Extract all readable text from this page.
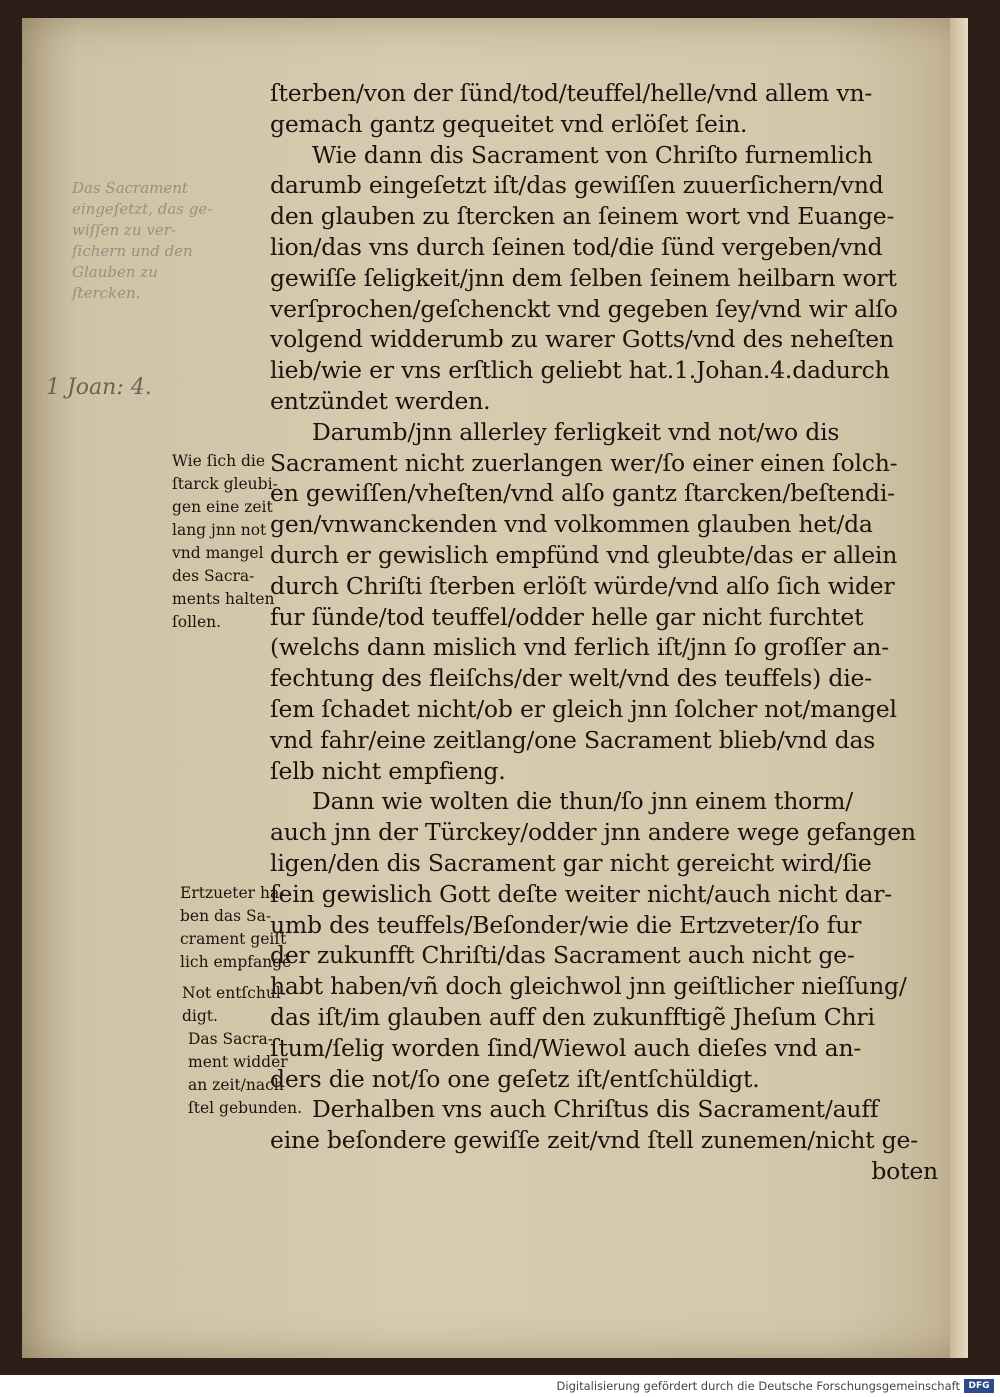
Das Sacrament
eingeſetzt, das ge-
wiſſen zu ver-
ſichern und den
Glauben zu
ſtercken.
1 Joan: 4.
Wie ſich die
ſtarck gleubi-
gen eine zeit
lang jnn not
vnd mangel
des Sacra-
ments halten
ſollen.
Ertzueter ha-
ben das Sa-
crament geiſt
lich empfangẽ
Not entſchul-
digt.
Das Sacra-
ment widder
an zeit/nach
ſtel gebunden.
ſterben/von der ſünd/tod/teuffel/helle/vnd allem vn-
gemach gantz gequeitet vnd erlöſet ſein.
Wie dann dis Sacrament von Chriſto furnemlich
darumb eingeſetzt iſt/das gewiſſen zuuerſichern/vnd
den glauben zu ſtercken an ſeinem wort vnd Euange-
lion/das vns durch ſeinen tod/die ſünd vergeben/vnd
gewiſſe ſeligkeit/jnn dem ſelben ſeinem heilbarn wort
verſprochen/geſchenckt vnd gegeben ſey/vnd wir alſo
volgend widderumb zu warer Gotts/vnd des neheſten
lieb/wie er vns erſtlich geliebt hat.1.Johan.4.dadurch
entzündet werden.
Darumb/jnn allerley ferligkeit vnd not/wo dis
Sacrament nicht zuerlangen wer/ſo einer einen ſolch-
en gewiſſen/vheſten/vnd alſo gantz ſtarcken/beſtendi-
gen/vnwanckenden vnd volkommen glauben het/da
durch er gewislich empfünd vnd gleubte/das er allein
durch Chriſti ſterben erlöſt würde/vnd alſo ſich wider
fur ſünde/tod teuffel/odder helle gar nicht furchtet
(welchs dann mislich vnd ferlich iſt/jnn ſo groſſer an-
fechtung des fleiſchs/der welt/vnd des teuffels) die-
ſem ſchadet nicht/ob er gleich jnn ſolcher not/mangel
vnd fahr/eine zeitlang/one Sacrament blieb/vnd das
ſelb nicht empfieng.
Dann wie wolten die thun/ſo jnn einem thorm/
auch jnn der Türckey/odder jnn andere wege gefangen
ligen/den dis Sacrament gar nicht gereicht wird/ſie
ſein gewislich Gott deſte weiter nicht/auch nicht dar-
umb des teuffels/Beſonder/wie die Ertzveter/ſo fur
der zukunfft Chriſti/das Sacrament auch nicht ge-
habt haben/vñ doch gleichwol jnn geiſtlicher nieſſung/
das iſt/im glauben auff den zukunfftigẽ Jheſum Chri
ſtum/ſelig worden ſind/Wiewol auch dieſes vnd an-
ders die not/ſo one geſetz iſt/entſchüldigt.
Derhalben vns auch Chriſtus dis Sacrament/auff
eine beſondere gewiſſe zeit/vnd ſtell zunemen/nicht ge-
boten
Digitalisierung gefördert durch die Deutsche Forschungsgemeinschaft DFG
